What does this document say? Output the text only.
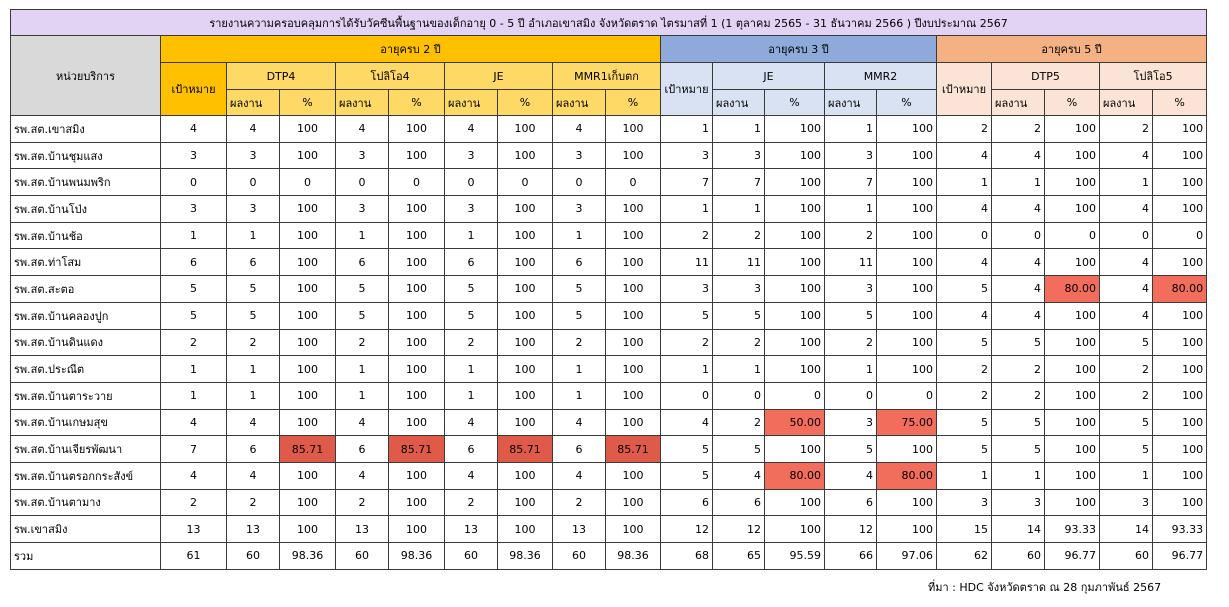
รายงานความครอบคลุมการได้รับวัคซีนพื้นฐานของเด็กอายุ 0 - 5 ปี อำเภอเขาสมิง จังหวัดตราด ไตรมาสที่ 1 (1 ตุลาคม 2565 - 31 ธันวาคม 2566 ) ปีงบประมาณ 2567																			
หน่วยบริการ	อายุครบ 2 ปี									อายุครบ 3 ปี					อายุครบ 5 ปี				
	เป้าหมาย	DTP4		โปลิโอ4		JE		MMR1เก็บตก		เป้าหมาย	JE		MMR2		เป้าหมาย	DTP5		โปลิโอ5	
		ผลงาน	%	ผลงาน	%	ผลงาน	%	ผลงาน	%		ผลงาน	%	ผลงาน	%		ผลงาน	%	ผลงาน	%
รพ.สต.เขาสมิง	4	4	100	4	100	4	100	4	100	1	1	100	1	100	2	2	100	2	100
รพ.สต.บ้านชุมแสง	3	3	100	3	100	3	100	3	100	3	3	100	3	100	4	4	100	4	100
รพ.สต.บ้านพนมพริก	0	0	0	0	0	0	0	0	0	7	7	100	7	100	1	1	100	1	100
รพ.สต.บ้านโป่ง	3	3	100	3	100	3	100	3	100	1	1	100	1	100	4	4	100	4	100
รพ.สต.บ้านช้อ	1	1	100	1	100	1	100	1	100	2	2	100	2	100	0	0	0	0	0
รพ.สต.ท่าโสม	6	6	100	6	100	6	100	6	100	11	11	100	11	100	4	4	100	4	100
รพ.สต.สะตอ	5	5	100	5	100	5	100	5	100	3	3	100	3	100	5	4	80.00	4	80.00
รพ.สต.บ้านคลองปูก	5	5	100	5	100	5	100	5	100	5	5	100	5	100	4	4	100	4	100
รพ.สต.บ้านดินแดง	2	2	100	2	100	2	100	2	100	2	2	100	2	100	5	5	100	5	100
รพ.สต.ประณีต	1	1	100	1	100	1	100	1	100	1	1	100	1	100	2	2	100	2	100
รพ.สต.บ้านตาระวาย	1	1	100	1	100	1	100	1	100	0	0	0	0	0	2	2	100	2	100
รพ.สต.บ้านเกษมสุข	4	4	100	4	100	4	100	4	100	4	2	50.00	3	75.00	5	5	100	5	100
รพ.สต.บ้านเจียรพัฒนา	7	6	85.71	6	85.71	6	85.71	6	85.71	5	5	100	5	100	5	5	100	5	100
รพ.สต.บ้านตรอกกระสังข์	4	4	100	4	100	4	100	4	100	5	4	80.00	4	80.00	1	1	100	1	100
รพ.สต.บ้านตามาง	2	2	100	2	100	2	100	2	100	6	6	100	6	100	3	3	100	3	100
รพ.เขาสมิง	13	13	100	13	100	13	100	13	100	12	12	100	12	100	15	14	93.33	14	93.33
รวม	61	60	98.36	60	98.36	60	98.36	60	98.36	68	65	95.59	66	97.06	62	60	96.77	60	96.77
ที่มา : HDC จังหวัดตราด ณ 28 กุมภาพันธ์ 2567
